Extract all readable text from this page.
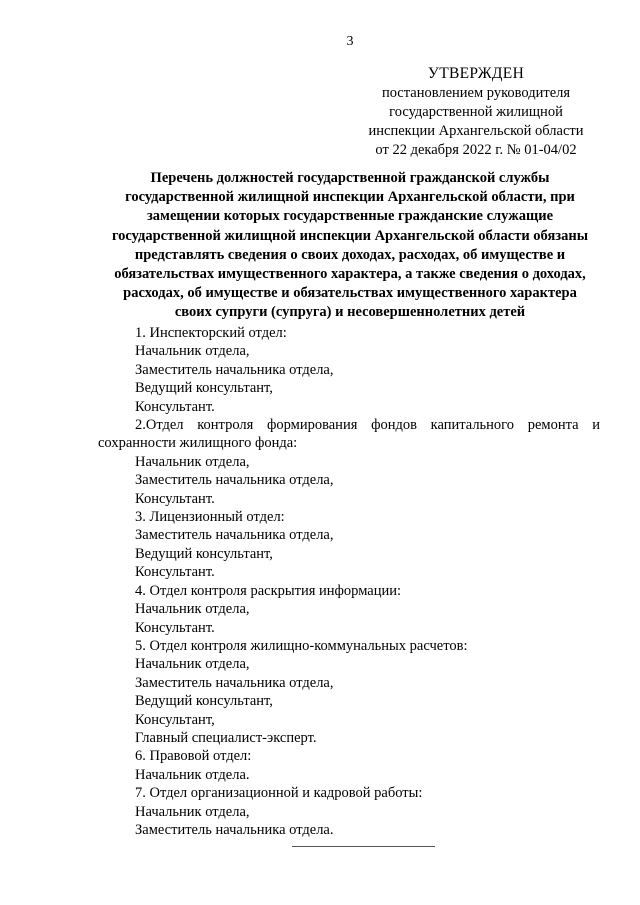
3
УТВЕРЖДЕН
постановлением руководителя
государственной жилищной
инспекции Архангельской области
от 22 декабря 2022 г. № 01-04/02
Перечень должностей государственной гражданской службы
государственной жилищной инспекции Архангельской области, при
замещении которых государственные гражданские служащие
государственной жилищной инспекции Архангельской области обязаны
представлять сведения о своих доходах, расходах, об имуществе и
обязательствах имущественного характера, а также сведения о доходах,
расходах, об имуществе и обязательствах имущественного характера
своих супруги (супруга) и несовершеннолетних детей
1. Инспекторский отдел:
Начальник отдела,
Заместитель начальника отдела,
Ведущий консультант,
Консультант.
2.Отдел контроля формирования фондов капитального ремонта и
сохранности жилищного фонда:
Начальник отдела,
Заместитель начальника отдела,
Консультант.
3. Лицензионный отдел:
Заместитель начальника отдела,
Ведущий консультант,
Консультант.
4. Отдел контроля раскрытия информации:
Начальник отдела,
Консультант.
5. Отдел контроля жилищно-коммунальных расчетов:
Начальник отдела,
Заместитель начальника отдела,
Ведущий консультант,
Консультант,
Главный специалист-эксперт.
6. Правовой отдел:
Начальник отдела.
7. Отдел организационной и кадровой работы:
Начальник отдела,
Заместитель начальника отдела.
